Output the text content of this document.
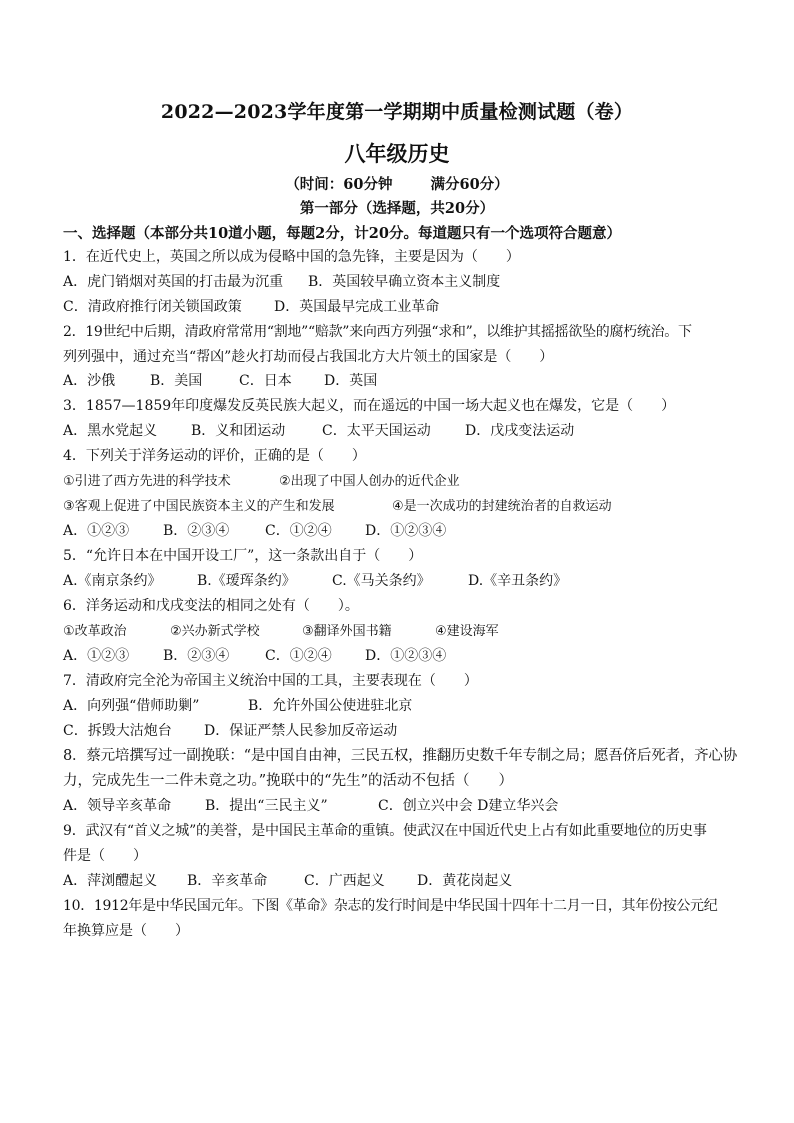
2022—2023学年度第一学期期中质量检测试题（卷）
八年级历史
（时间：60分钟	满分60分）
第一部分（选择题，共20分）
一、选择题（本部分共10道小题，每题2分，计20分。每道题只有一个选项符合题意）
1．在近代史上，英国之所以成为侵略中国的急先锋，主要是因为（　　）
A．虎门销烟对英国的打击最为沉重 B．英国较早确立资本主义制度
C．清政府推行闭关锁国政策 D．英国最早完成工业革命
2．19世纪中后期，清政府常常用“割地”“赔款”来向西方列强“求和”，以维护其摇摇欲坠的腐朽统治。下
列列强中，通过充当“帮凶”趁火打劫而侵占我国北方大片领土的国家是（　　）
A．沙俄 B．美国	C．日本 D．英国
3．1857—1859年印度爆发反英民族大起义，而在遥远的中国一场大起义也在爆发，它是（　　）
A．黑水党起义 B．义和团运动	C．太平天国运动 D．戊戌变法运动
4．下列关于洋务运动的评价，正确的是（　　）
①引进了西方先进的科学技术	②出现了中国人创办的近代企业
③客观上促进了中国民族资本主义的产生和发展	④是一次成功的封建统治者的自救运动
A．①②③ B．②③④	C．①②④ D．①②③④
5．“允许日本在中国开设工厂”，这一条款出自于（　　）
A.《南京条约》	B.《瑷珲条约》	C.《马关条约》	D.《辛丑条约》
6．洋务运动和戊戌变法的相同之处有（　　）。
①改革政治	②兴办新式学校	③翻译外国书籍	④建设海军
A．①②③ B．②③④	C．①②④ D．①②③④
7．清政府完全沦为帝国主义统治中国的工具，主要表现在（　　）
A．向列强“借师助剿”	B．允许外国公使进驻北京
C．拆毁大沽炮台 D．保证严禁人民参加反帝运动
8．蔡元培撰写过一副挽联：“是中国自由神，三民五权，推翻历史数千年专制之局；愿吾侪后死者，齐心协
力，完成先生一二件未竟之功。”挽联中的“先生”的活动不包括（　　）
A．领导辛亥革命 B．提出“三民主义”	C．创立兴中会 D建立华兴会
9．武汉有“首义之城”的美誉，是中国民主革命的重镇。使武汉在中国近代史上占有如此重要地位的历史事
件是（　　）
A．萍浏醴起义 B．辛亥革命	C．广西起义 D．黄花岗起义
10．1912年是中华民国元年。下图《革命》杂志的发行时间是中华民国十四年十二月一日，其年份按公元纪
年换算应是（　　）
